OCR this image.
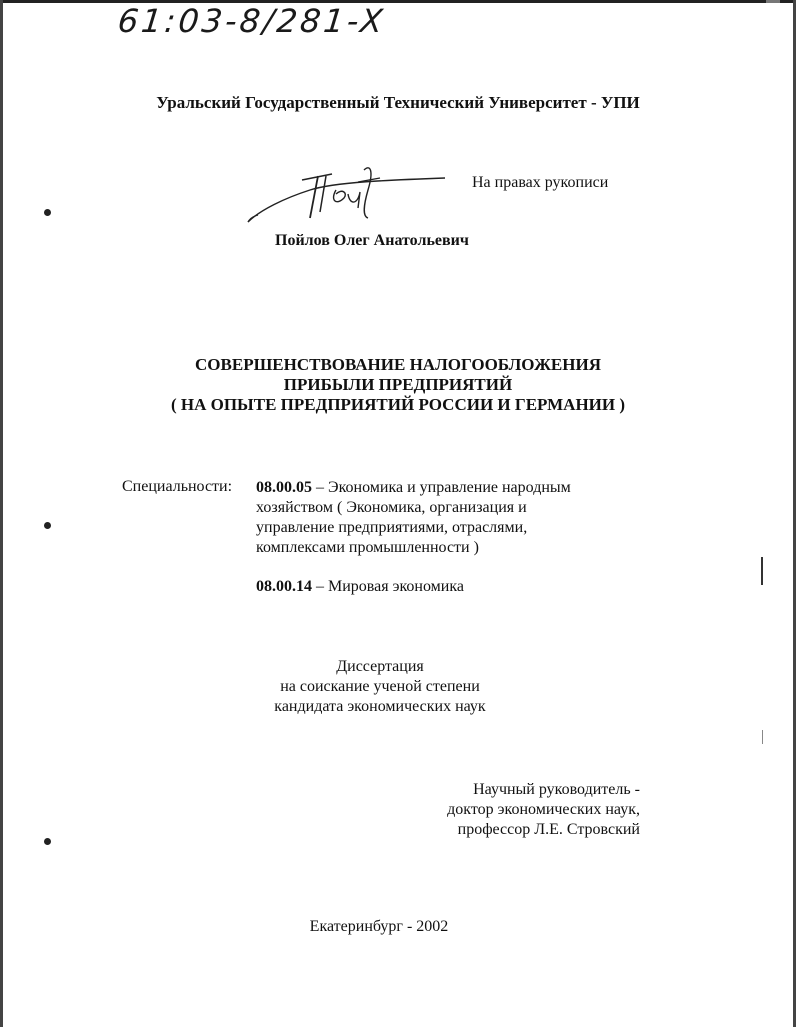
61:03-8/281-X
Уральский Государственный Технический Университет - УПИ
На правах рукописи
Пойлов Олег Анатольевич
СОВЕРШЕНСТВОВАНИЕ НАЛОГООБЛОЖЕНИЯ
ПРИБЫЛИ ПРЕДПРИЯТИЙ
( НА ОПЫТЕ ПРЕДПРИЯТИЙ РОССИИ И ГЕРМАНИИ )
Специальности: 08.00.05 – Экономика и управление народным
хозяйством ( Экономика, организация и
управление предприятиями, отраслями,
комплексами промышленности )
08.00.14 – Мировая экономика
Диссертация
на соискание ученой степени
кандидата экономических наук
Научный руководитель -
доктор экономических наук,
профессор Л.Е. Стровский
Екатеринбург - 2002
